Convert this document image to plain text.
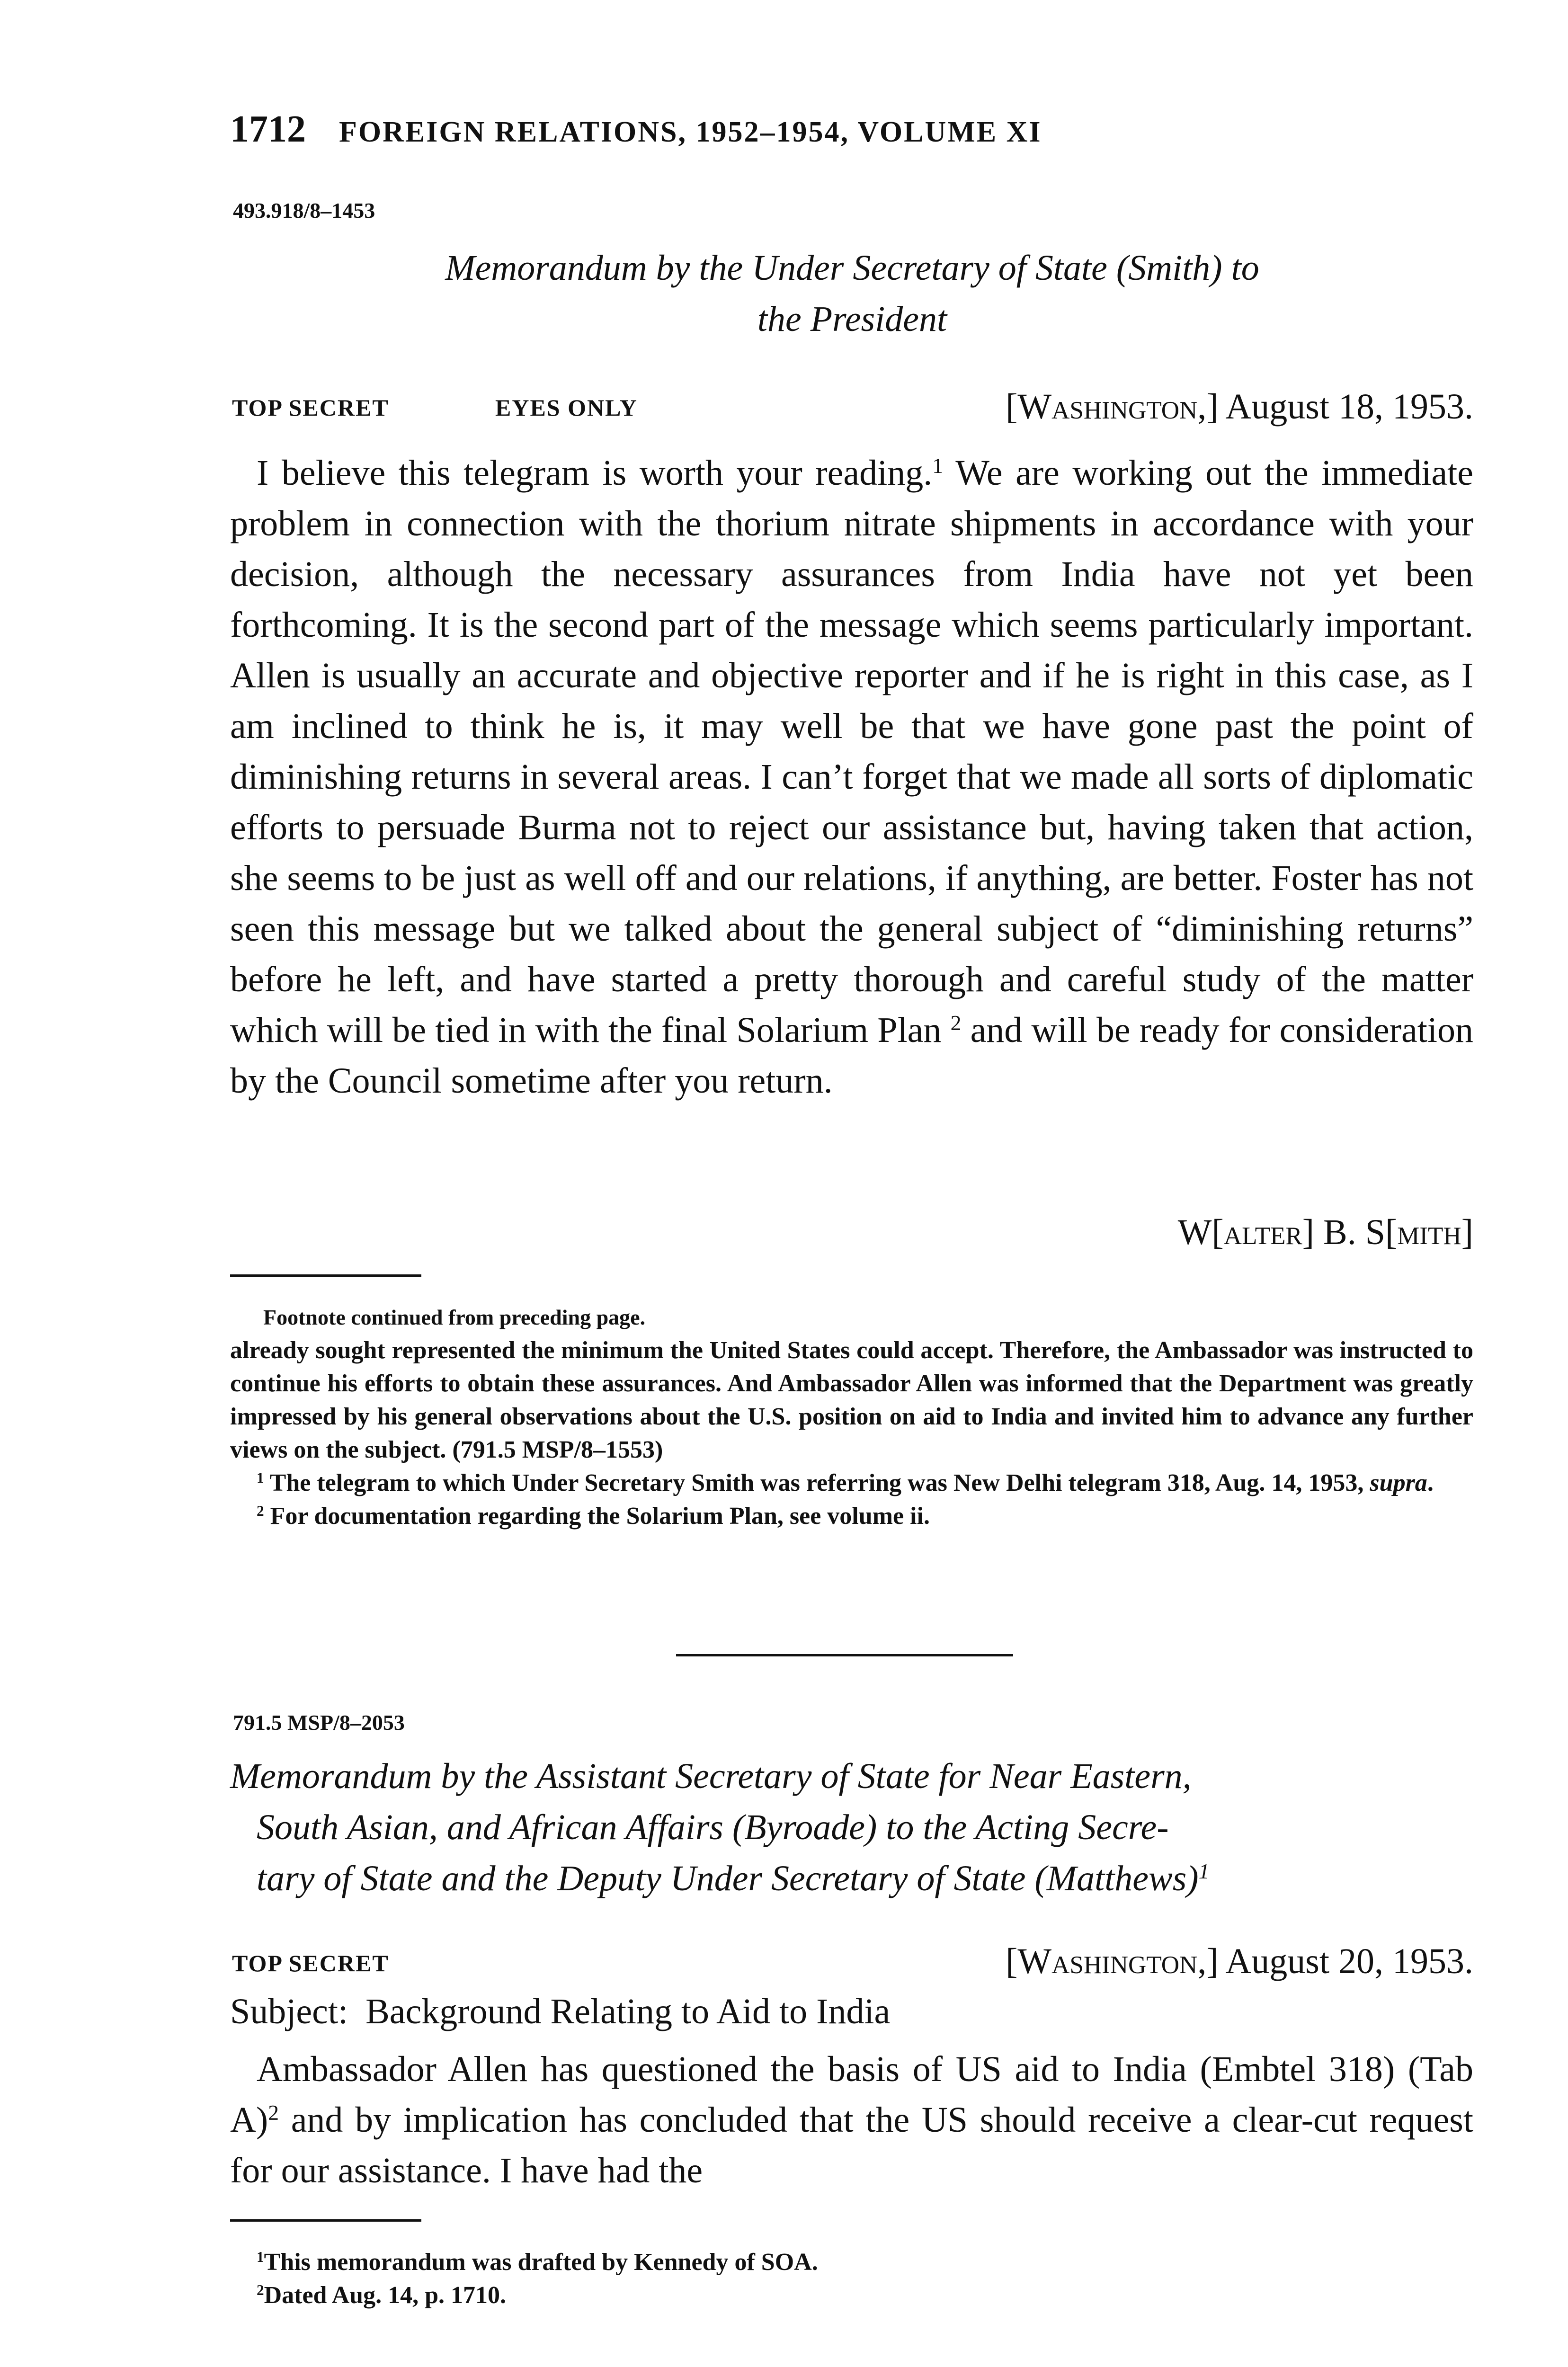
1712 FOREIGN RELATIONS, 1952–1954, VOLUME XI
493.918/8–1453
Memorandum by the Under Secretary of State (Smith) to
the President
TOP SECRET	EYES ONLY	[Washington,] August 18, 1953.
I believe this telegram is worth your reading.$^1$ We are working out the immediate problem in connection with the thorium nitrate shipments in accordance with your decision, although the necessary assurances from India have not yet been forthcoming. It is the second part of the message which seems particularly important. Allen is usually an accurate and objective reporter and if he is right in this case, as I am inclined to think he is, it may well be that we have gone past the point of diminishing returns in several areas. I can’t forget that we made all sorts of diplomatic efforts to persuade Burma not to reject our assistance but, having taken that action, she seems to be just as well off and our relations, if anything, are better. Foster has not seen this message but we talked about the general subject of “diminishing returns” before he left, and have started a pretty thorough and careful study of the matter which will be tied in with the final Solarium Plan $^2$ and will be ready for consideration by the Council sometime after you return.
W[alter] B. S[mith]
Footnote continued from preceding page.
already sought represented the minimum the United States could accept. Therefore, the Ambassador was instructed to continue his efforts to obtain these assurances. And Ambassador Allen was informed that the Department was greatly impressed by his general observations about the U.S. position on aid to India and invited him to advance any further views on the subject. (791.5 MSP/8–1553)
$^1$ The telegram to which Under Secretary Smith was referring was New Delhi telegram 318, Aug. 14, 1953, supra.
$^2$ For documentation regarding the Solarium Plan, see volume ii.
791.5 MSP/8–2053
Memorandum by the Assistant Secretary of State for Near Eastern,
South Asian, and African Affairs (Byroade) to the Acting Secre-
tary of State and the Deputy Under Secretary of State (Matthews)$^1$
TOP SECRET	[Washington,] August 20, 1953.
Subject: Background Relating to Aid to India
Ambassador Allen has questioned the basis of US aid to India (Embtel 318) (Tab A)$^2$ and by implication has concluded that the US should receive a clear-cut request for our assistance. I have had the
$^1$This memorandum was drafted by Kennedy of SOA.
$^2$Dated Aug. 14, p. 1710.
